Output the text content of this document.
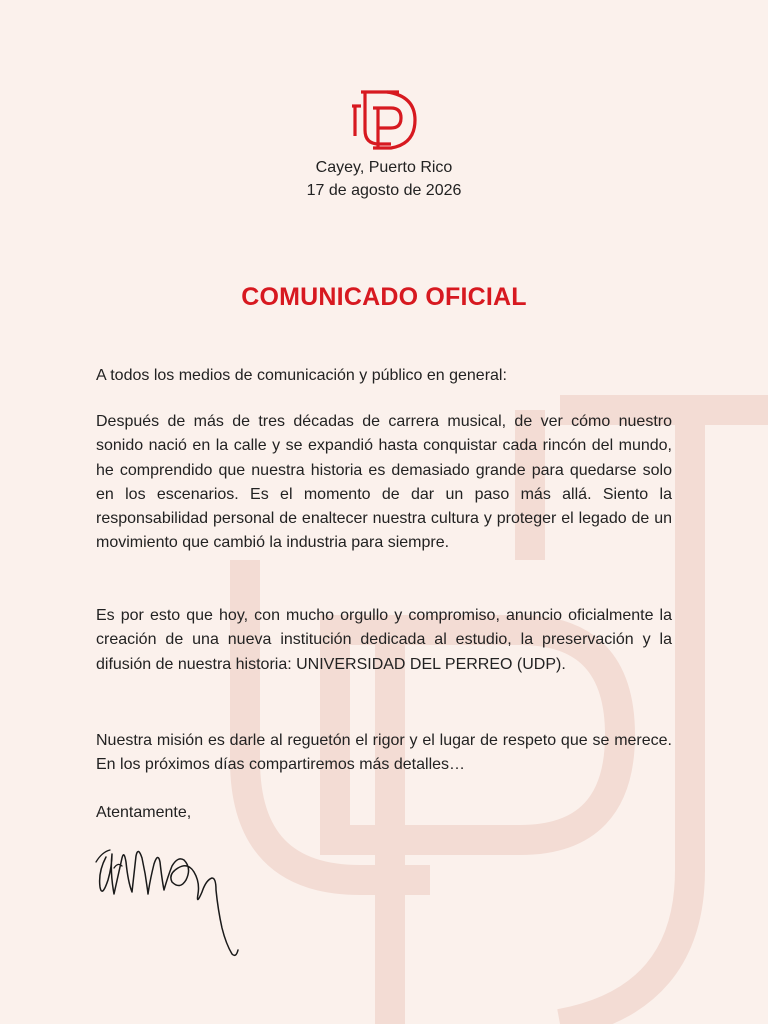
Cayey, Puerto Rico
17 de agosto de 2026
COMUNICADO OFICIAL

A todos los medios de comunicación y público en general:

Después de más de tres décadas de carrera musical, de ver cómo nuestro sonido nació en la calle y se expandió hasta conquistar cada rincón del mundo, he comprendido que nuestra historia es demasiado grande para quedarse solo en los escenarios. Es el momento de dar un paso más allá. Siento la responsabilidad personal de enaltecer nuestra cultura y proteger el legado de un movimiento que cambió la industria para siempre.

Es por esto que hoy, con mucho orgullo y compromiso, anuncio oficialmente la creación de una nueva institución dedicada al estudio, la preservación y la difusión de nuestra historia: UNIVERSIDAD DEL PERREO (UDP).

Nuestra misión es darle al reguetón el rigor y el lugar de respeto que se merece. En los próximos días compartiremos más detalles…

Atentamente,
